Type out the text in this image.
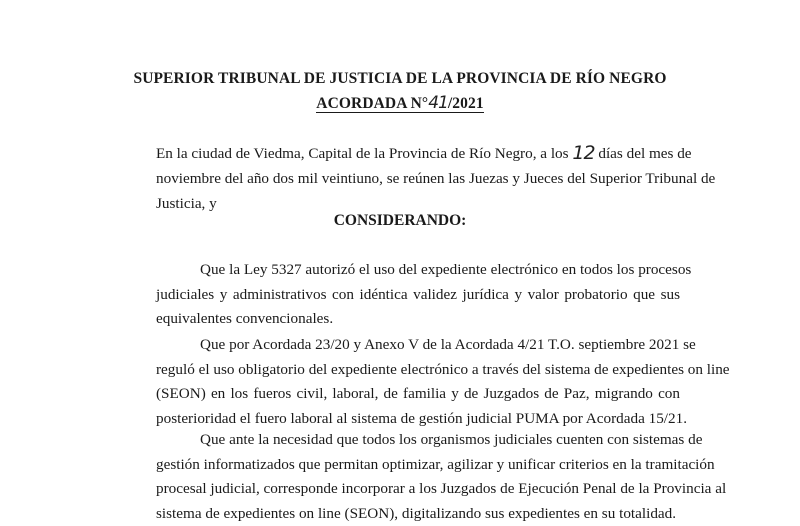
SUPERIOR TRIBUNAL DE JUSTICIA DE LA PROVINCIA DE RÍO NEGRO
ACORDADA N°41/2021
En la ciudad de Viedma, Capital de la Provincia de Río Negro, a los 12 días del mes de
noviembre del año dos mil veintiuno, se reúnen las Juezas y Jueces del Superior Tribunal de
Justicia, y
CONSIDERANDO:
Que la Ley 5327 autorizó el uso del expediente electrónico en todos los procesos
judiciales y administrativos con idéntica validez jurídica y valor probatorio que sus
equivalentes convencionales.
Que por Acordada 23/20 y Anexo V de la Acordada 4/21 T.O. septiembre 2021 se
reguló el uso obligatorio del expediente electrónico a través del sistema de expedientes on line
(SEON) en los fueros civil, laboral, de familia y de Juzgados de Paz, migrando con
posterioridad el fuero laboral al sistema de gestión judicial PUMA por Acordada 15/21.
Que ante la necesidad que todos los organismos judiciales cuenten con sistemas de
gestión informatizados que permitan optimizar, agilizar y unificar criterios en la tramitación
procesal judicial, corresponde incorporar a los Juzgados de Ejecución Penal de la Provincia al
sistema de expedientes on line (SEON), digitalizando sus expedientes en su totalidad.
